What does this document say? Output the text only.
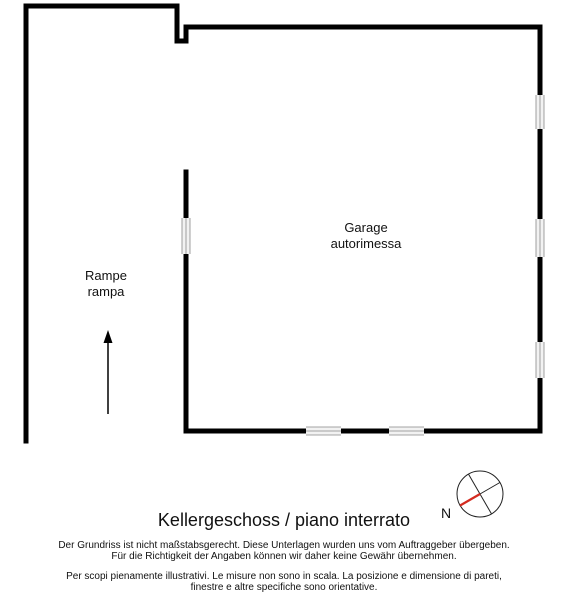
Garage
autorimessa
Rampe
rampa
N
Kellergeschoss / piano interrato
Der Grundriss ist nicht maßstabsgerecht. Diese Unterlagen wurden uns vom Auftraggeber übergeben.
Für die Richtigkeit der Angaben können wir daher keine Gewähr übernehmen.
Per scopi pienamente illustrativi. Le misure non sono in scala. La posizione e dimensione di pareti,
finestre e altre specifiche sono orientative.
